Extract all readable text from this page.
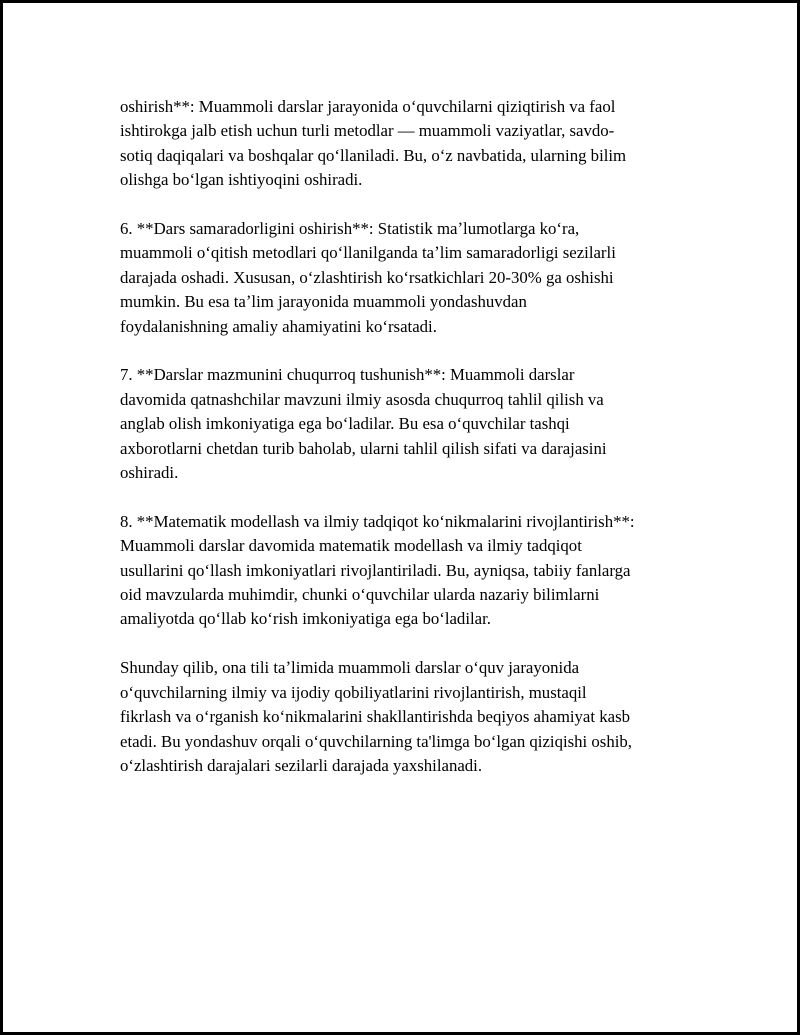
oshirish**: Muammoli darslar jarayonida oʻquvchilarni qiziqtirish va faol
ishtirokga jalb etish uchun turli metodlar — muammoli vaziyatlar, savdo-
sotiq daqiqalari va boshqalar qoʻllaniladi. Bu, oʻz navbatida, ularning bilim
olishga boʻlgan ishtiyoqini oshiradi.

6. **Dars samaradorligini oshirish**: Statistik maʼlumotlarga koʻra,
muammoli oʻqitish metodlari qoʻllanilganda taʼlim samaradorligi sezilarli
darajada oshadi. Xususan, oʻzlashtirish koʻrsatkichlari 20-30% ga oshishi
mumkin. Bu esa taʼlim jarayonida muammoli yondashuvdan
foydalanishning amaliy ahamiyatini koʻrsatadi.

7. **Darslar mazmunini chuqurroq tushunish**: Muammoli darslar
davomida qatnashchilar mavzuni ilmiy asosda chuqurroq tahlil qilish va
anglab olish imkoniyatiga ega boʻladilar. Bu esa oʻquvchilar tashqi
axborotlarni chetdan turib baholab, ularni tahlil qilish sifati va darajasini
oshiradi.

8. **Matematik modellash va ilmiy tadqiqot koʻnikmalarini rivojlantirish**:
Muammoli darslar davomida matematik modellash va ilmiy tadqiqot
usullarini qoʻllash imkoniyatlari rivojlantiriladi. Bu, ayniqsa, tabiiy fanlarga
oid mavzularda muhimdir, chunki oʻquvchilar ularda nazariy bilimlarni
amaliyotda qoʻllab koʻrish imkoniyatiga ega boʻladilar.

Shunday qilib, ona tili taʼlimida muammoli darslar oʻquv jarayonida
oʻquvchilarning ilmiy va ijodiy qobiliyatlarini rivojlantirish, mustaqil
fikrlash va oʻrganish koʻnikmalarini shakllantirishda beqiyos ahamiyat kasb
etadi. Bu yondashuv orqali oʻquvchilarning ta'limga boʻlgan qiziqishi oshib,
oʻzlashtirish darajalari sezilarli darajada yaxshilanadi.
